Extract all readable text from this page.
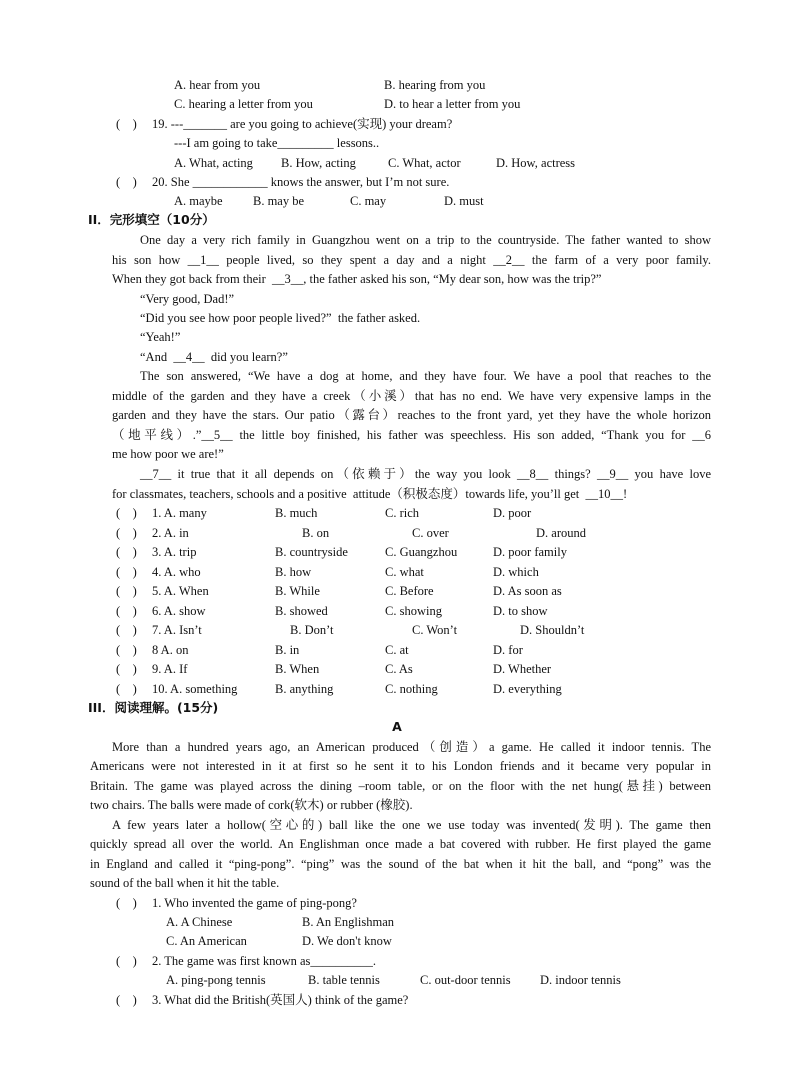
A. hear from you

	B. hearing from you

C. hearing a letter from you

	D. to hear a letter from you

(    )

19. ---_______ are you going to achieve(实现) your dream?

---I am going to take_________ lessons..

A. What, acting

B. How, acting

	C. What, actor

	D. How, actress

(    )

20. She ____________ knows the answer, but I’m not sure.

A. maybe

B. may be

	C. may

	D. must

II．完形填空（10分）
One day a very rich family in Guangzhou went on a trip to the countryside. The father wanted to show
his son how __1__ people lived, so they spent a day and a night __2__ the farm of a very poor family.
When they got back from their  __3__, the father asked his son, “My dear son, how was the trip?”
“Very good, Dad!”
“Did you see how poor people lived?”  the father asked.
“Yeah!”
“And  __4__  did you learn?”
The son answered, “We have a dog at home, and they have four. We have a pool that reaches to the
middle of the garden and they have a creek（小溪）that has no end. We have very expensive lamps in the
garden and they have the stars. Our patio（露台）reaches to the front yard, yet they have the whole horizon
（地平线）.”__5__ the little boy finished, his father was speechless. His son added, “Thank you for __6
me how poor we are!”
__7__ it true that it all depends on（依赖于）the way you look __8__ things? __9__ you have love
for classmates, teachers, schools and a positive  attitude（积极态度）towards life, you’ll get  __10__!
(    ) 1. A. many	B. much	C. rich	D. poor
(    ) 2. A. in	B. on	C. over	D. around
(    ) 3. A. trip	B. countryside	C. Guangzhou	D. poor family
(    ) 4. A. who	B. how	C. what	D. which
(    ) 5. A. When	B. While	C. Before	D. As soon as
(    ) 6. A. show	B. showed	C. showing	D. to show
(    ) 7. A. Isn’t	B. Don’t	C. Won’t	D. Shouldn’t
(    ) 8 A. on	B. in	C. at	D. for
(    ) 9. A. If	B. When	C. As	D. Whether
(    ) 10. A. something	B. anything	C. nothing	D. everything
III．阅读理解。(15分)
A
More than a hundred years ago, an American produced（创造）a game. He called it indoor tennis. The
Americans were not interested in it at first so he sent it to his London friends and it became very popular in
Britain. The game was played across the dining –room table, or on the floor with the net hung(悬挂) between
two chairs. The balls were made of cork(软木) or rubber (橡胶).
A few years later a hollow(空心的) ball like the one we use today was invented(发明). The game then
quickly spread all over the world. An Englishman once made a bat covered with rubber. He first played the game
in England and called it “ping-pong”. “ping” was the sound of the bat when it hit the ball, and “pong” was the
sound of the ball when it hit the table.

(    )

1. Who invented the game of ping-pong?

A. A Chinese

	B. An Englishman

C. An American

	D. We don't know

(    )

2. The game was first known as__________.

A. ping-pong tennis

	B. table tennis

	C. out-door tennis

D. indoor tennis

(    )

3. What did the British(英国人) think of the game?
